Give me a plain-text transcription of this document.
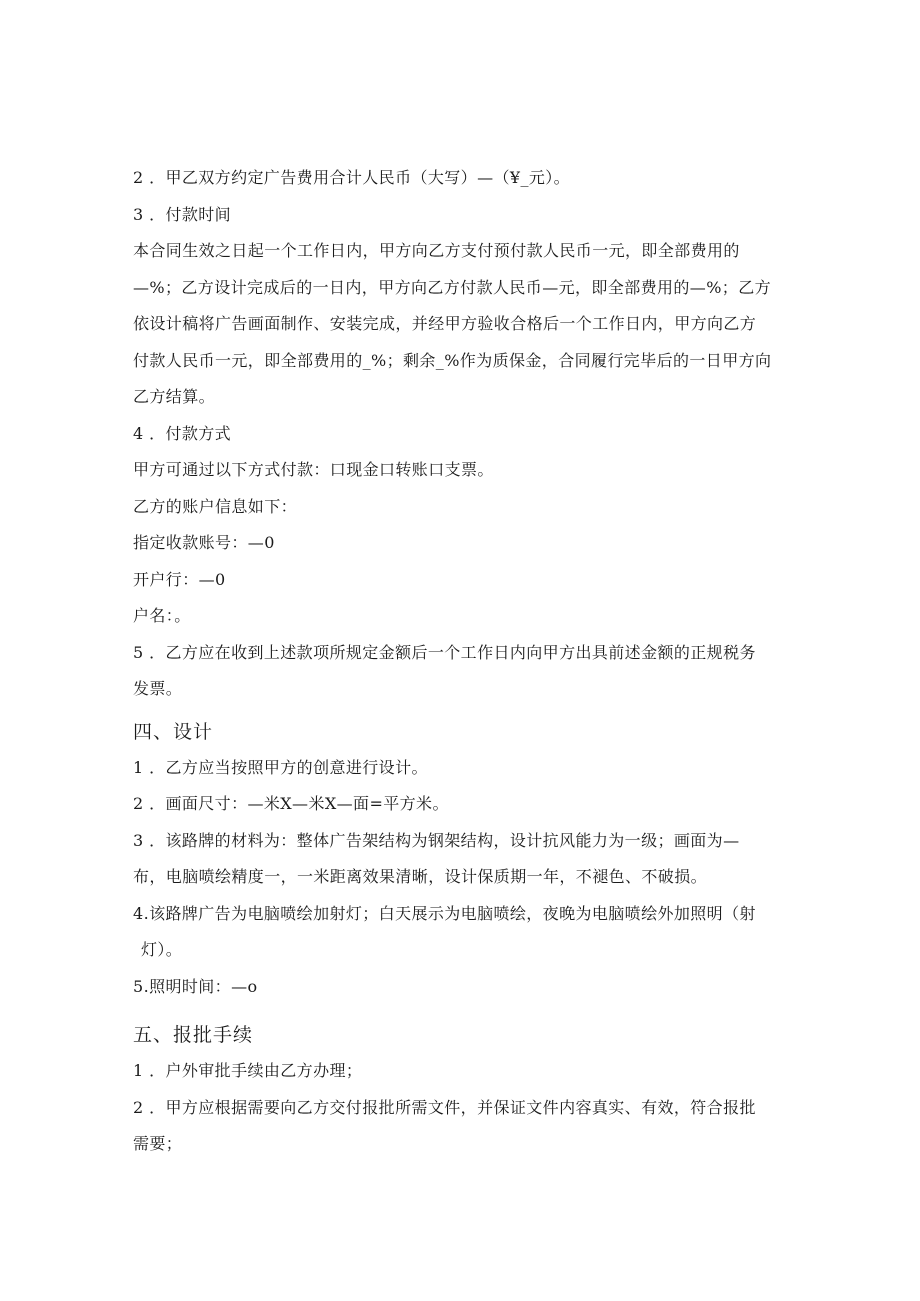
2 ．甲乙双方约定广告费用合计人民币（大写）—（¥_元）。
3 ．付款时间
本合同生效之日起一个工作日内，甲方向乙方支付预付款人民币一元，即全部费用的
—%；乙方设计完成后的一日内，甲方向乙方付款人民币—元，即全部费用的—%；乙方
依设计稿将广告画面制作、安装完成，并经甲方验收合格后一个工作日内，甲方向乙方
付款人民币一元，即全部费用的_%；剩余_%作为质保金，合同履行完毕后的一日甲方向
乙方结算。
4 ．付款方式
甲方可通过以下方式付款：口现金口转账口支票。
乙方的账户信息如下：
指定收款账号：—0
开户行：—0
户名：。
5 ．乙方应在收到上述款项所规定金额后一个工作日内向甲方出具前述金额的正规税务
发票。
四、设计
1 ．乙方应当按照甲方的创意进行设计。
2 ．画面尺寸：—米X—米X—面=平方米。
3 ．该路牌的材料为：整体广告架结构为钢架结构，设计抗风能力为一级；画面为—
布，电脑喷绘精度一，一米距离效果清晰，设计保质期一年，不褪色、不破损。
4.该路牌广告为电脑喷绘加射灯；白天展示为电脑喷绘，夜晚为电脑喷绘外加照明（射
灯）。
5.照明时间：—o
五、报批手续
1 ．户外审批手续由乙方办理；
2 ．甲方应根据需要向乙方交付报批所需文件，并保证文件内容真实、有效，符合报批
需要；
